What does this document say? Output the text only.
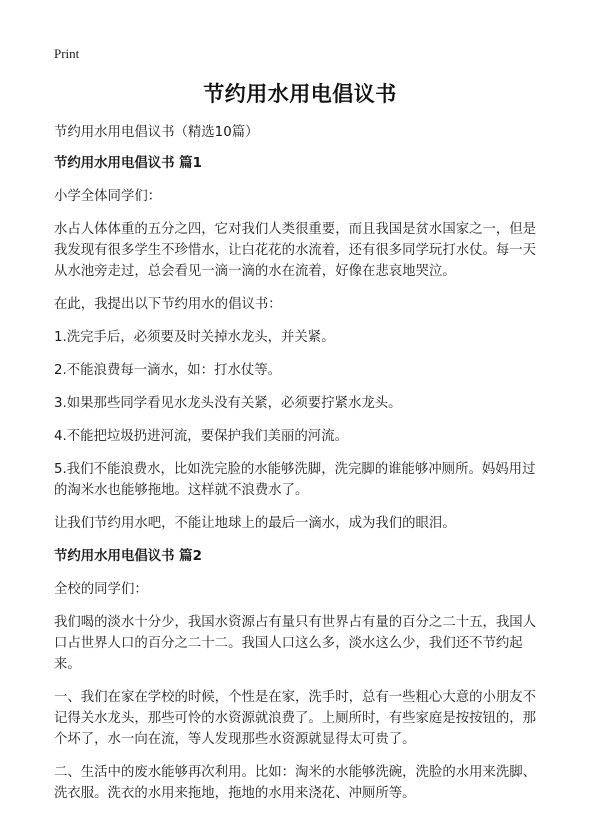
Print
节约用水用电倡议书

节约用水用电倡议书（精选10篇）

节约用水用电倡议书 篇1

小学全体同学们：

水占人体体重的五分之四，它对我们人类很重要，而且我国是贫水国家之一，但是我发现有很多学生不珍惜水，让白花花的水流着，还有很多同学玩打水仗。每一天从水池旁走过，总会看见一滴一滴的水在流着，好像在悲哀地哭泣。

在此，我提出以下节约用水的倡议书：

1.洗完手后，必须要及时关掉水龙头，并关紧。

2.不能浪费每一滴水，如：打水仗等。

3.如果那些同学看见水龙头没有关紧，必须要拧紧水龙头。

4.不能把垃圾扔进河流，要保护我们美丽的河流。

5.我们不能浪费水，比如洗完脸的水能够洗脚，洗完脚的谁能够冲厕所。妈妈用过的淘米水也能够拖地。这样就不浪费水了。

让我们节约用水吧，不能让地球上的最后一滴水，成为我们的眼泪。

节约用水用电倡议书 篇2

全校的同学们：

我们喝的淡水十分少，我国水资源占有量只有世界占有量的百分之二十五，我国人口占世界人口的百分之二十二。我国人口这么多，淡水这么少，我们还不节约起来。

一、我们在家在学校的时候，个性是在家，洗手时，总有一些粗心大意的小朋友不记得关水龙头，那些可怜的水资源就浪费了。上厕所时，有些家庭是按按钮的，那个坏了，水一向在流，等人发现那些水资源就显得太可贵了。

二、生活中的废水能够再次利用。比如：淘米的水能够洗碗，洗脸的水用来洗脚、洗衣服。洗衣的水用来拖地，拖地的水用来浇花、冲厕所等。
